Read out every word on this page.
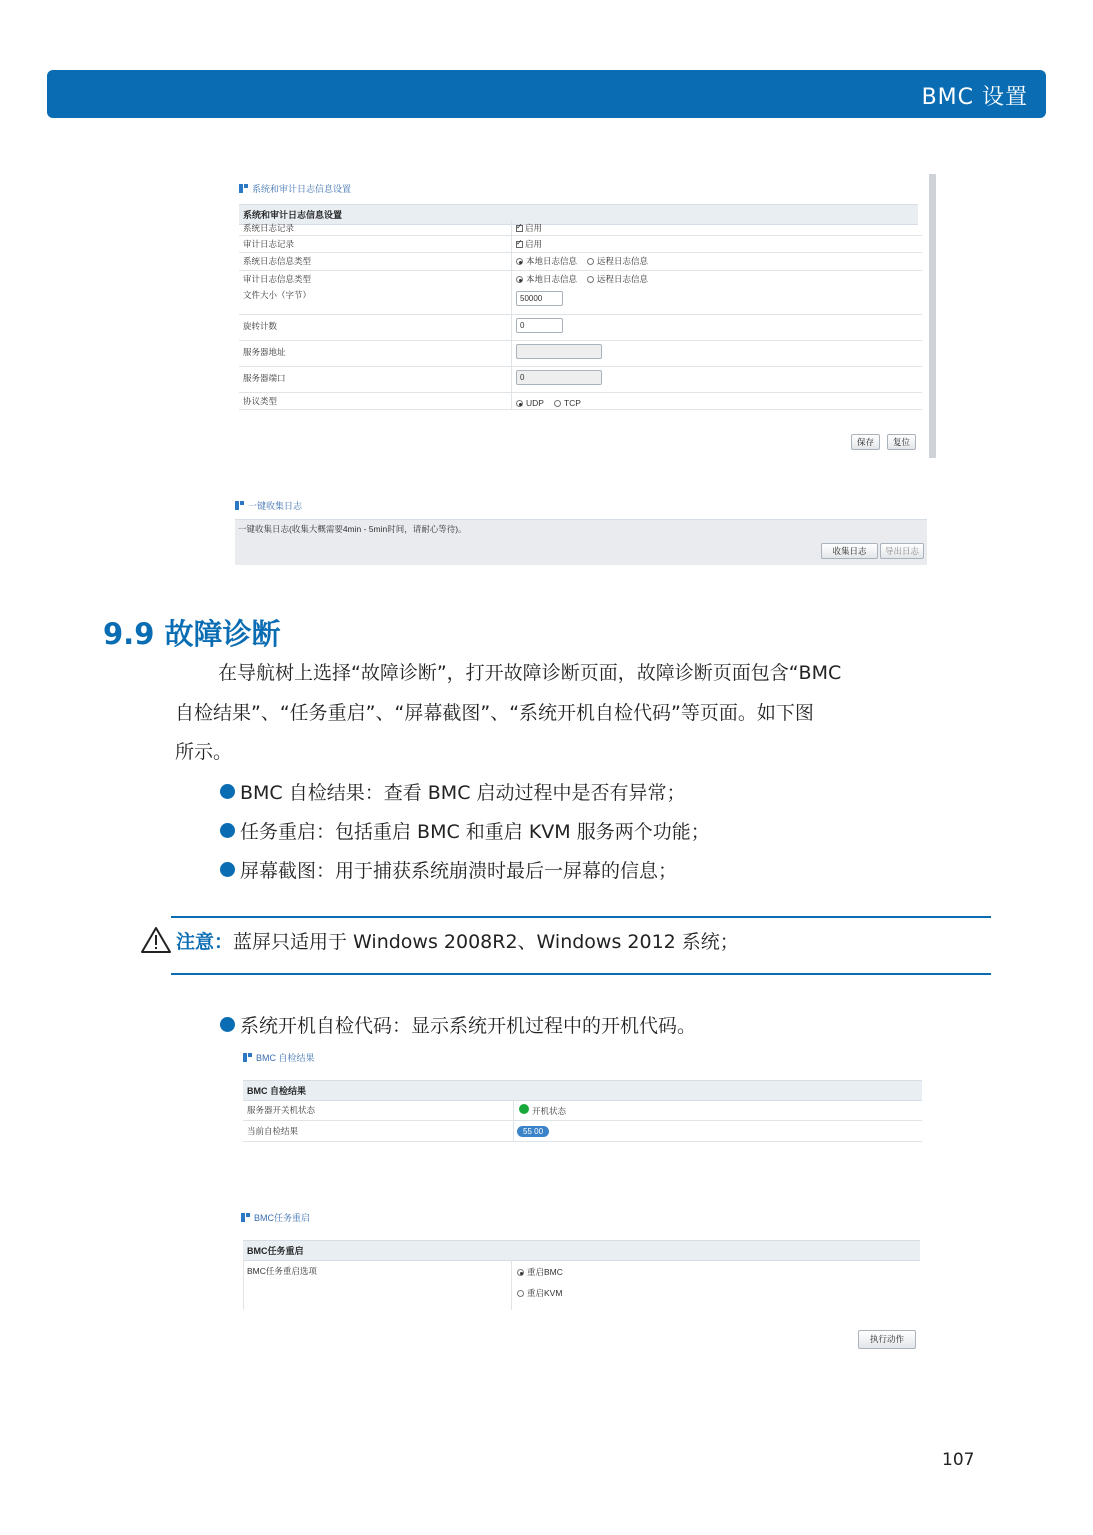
BMC 设置
系统和审计日志信息设置
系统和审计日志信息设置
系统日志记录 ✓	启用
审计日志记录 ✓	启用
系统日志信息类型	本地日志信息	远程日志信息
审计日志信息类型	本地日志信息	远程日志信息
文件大小（字节）	50000
旋转计数	0
服务器地址
服务器端口	0
协议类型	UDP	TCP
保存	复位
一键收集日志
一键收集日志(收集大概需要4min - 5min时间，请耐心等待)。
收集日志	导出日志
9.9 故障诊断
在导航树上选择“故障诊断”，打开故障诊断页面，故障诊断页面包含“BMC
自检结果”、“任务重启”、“屏幕截图”、“系统开机自检代码”等页面。如下图
所示。
BMC 自检结果：查看 BMC 启动过程中是否有异常；
任务重启：包括重启 BMC 和重启 KVM 服务两个功能；
屏幕截图：用于捕获系统崩溃时最后一屏幕的信息；
注意： 蓝屏只适用于 Windows 2008R2、Windows 2012 系统；
系统开机自检代码：显示系统开机过程中的开机代码。
BMC 自检结果
BMC 自检结果
服务器开关机状态	开机状态
当前自检结果	55 00
BMC任务重启
BMC任务重启
BMC任务重启选项	重启BMC
重启KVM
执行动作
107
